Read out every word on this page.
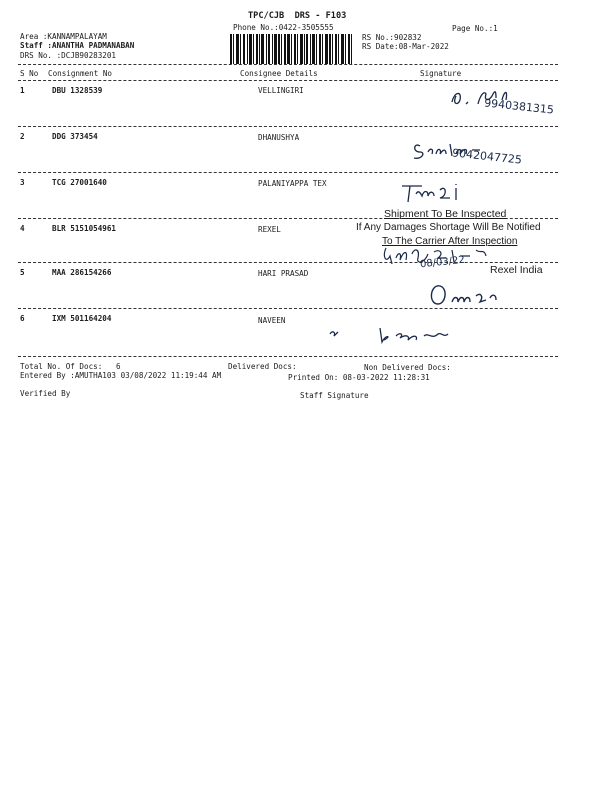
TPC/CJB  DRS - F103
Phone No.:0422-3505555	Page No.:1
Area :KANNAMPALAYAM
Staff :ANANTHA PADMANABAN
DRS No. :DCJB90283201
RS No.:902832
RS Date:08-Mar-2022
S No Consignment No	Consignee Details	Signature
1	DBU 1328539	VELLINGIRI
9940381315
2	DDG 373454	DHANUSHYA
9042047725
3	TCG 27001640	PALANIYAPPA TEX
4	BLR 5151054961	REXEL
Shipment To Be Inspected
If Any Damages Shortage Will Be Notified
To The Carrier After Inspection
08/03/22 Rexel India
5	MAA 286154266	HARI PRASAD
6	IXM 501164204	NAVEEN
Total No. Of Docs:   6	Delivered Docs:	Non Delivered Docs:
Entered By :AMUTHA103 03/08/2022 11:19:44 AM	Printed On: 08-03-2022 11:28:31
Verified By	Staff Signature
